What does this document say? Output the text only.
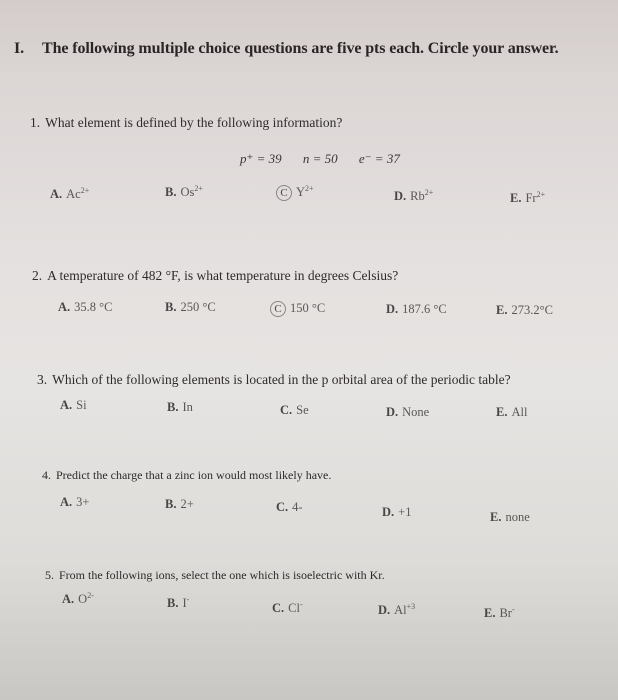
I. The following multiple choice questions are five pts each. Circle your answer.
1. What element is defined by the following information?
p⁺ = 39 n = 50 e⁻ = 37
A. $Ac^{2+}$	B. $Os^{2+}$	C $Y^{2+}$
D. $Rb^{2+}$	E. $Fr^{2+}$
2. A temperature of 482 °F, is what temperature in degrees Celsius?
A. 35.8 °C	B. 250 °C	C 150 °C	D. 187.6 °C	E. 273.2°C
3. Which of the following elements is located in the p orbital area of the periodic table?
A. Si	B. In	C. Se	D. None	E. All
4. Predict the charge that a zinc ion would most likely have.
A. 3+	B. 2+	C. 4-	D. +1	E. none
5. From the following ions, select the one which is isoelectric with Kr.
A. $O^{2-}$
B. I-
C. Cl-	D. $Al^{+3}$	E. Br-
